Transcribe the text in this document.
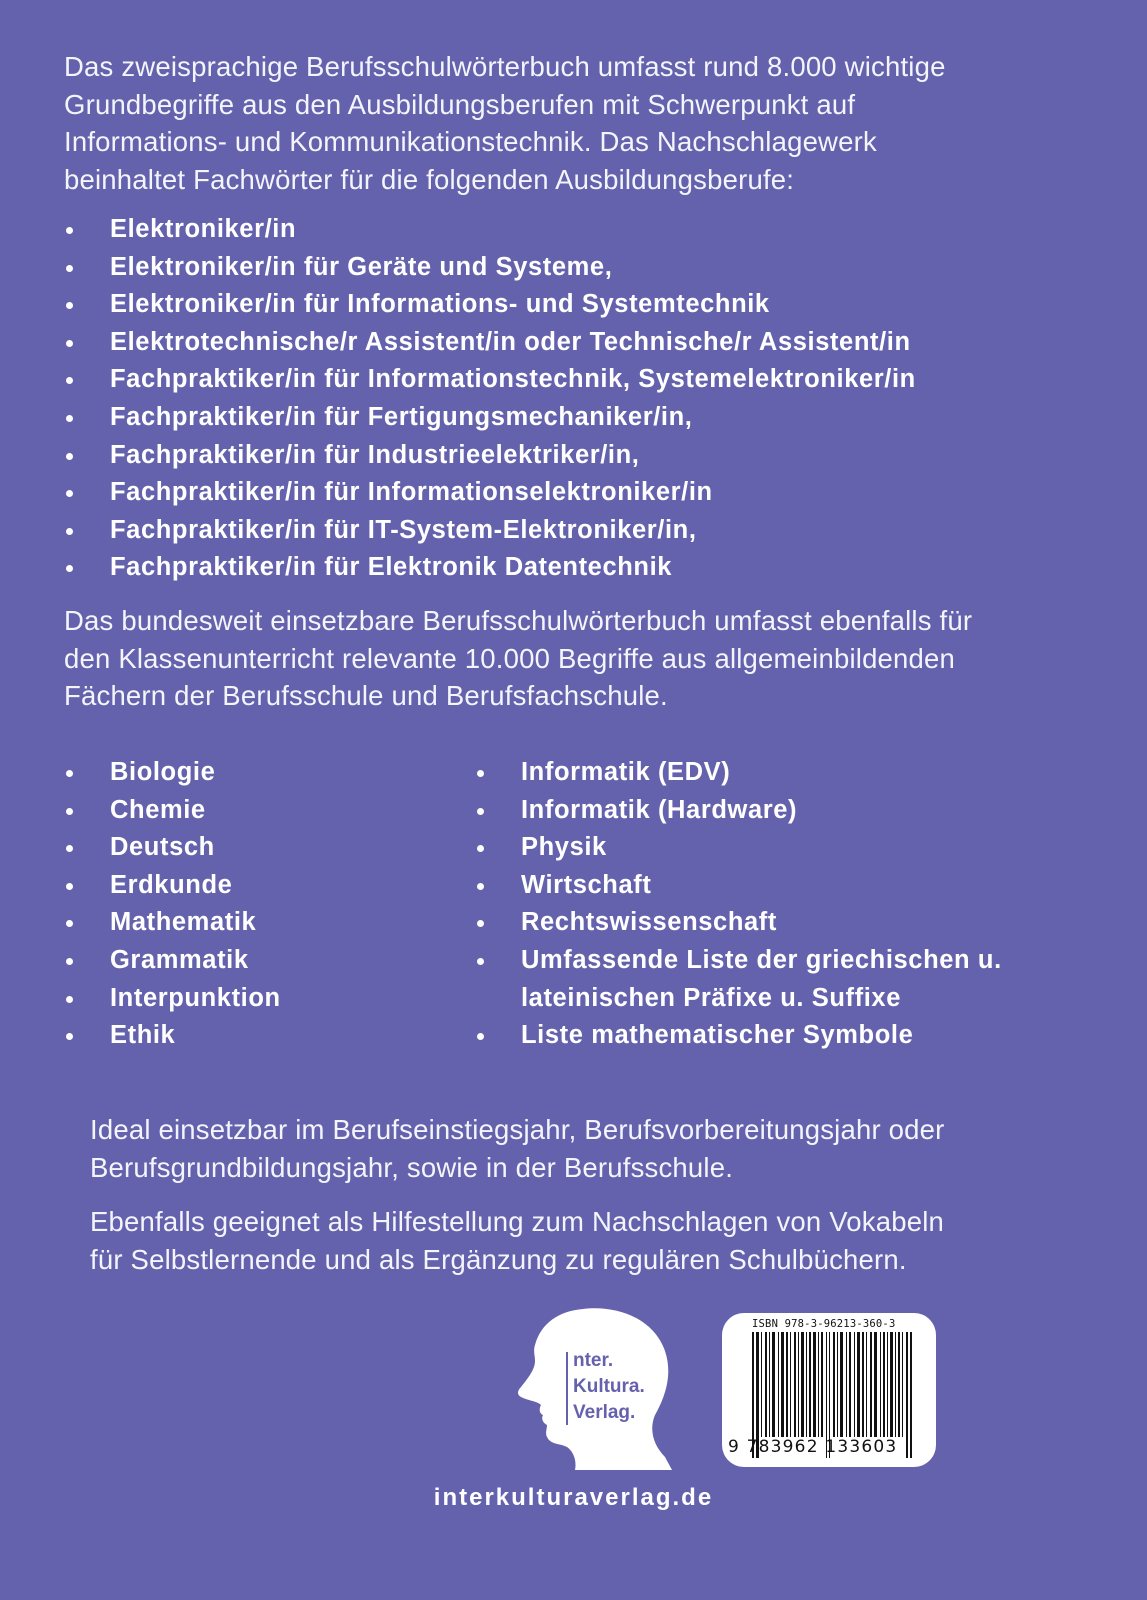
Das zweisprachige Berufsschulwörterbuch umfasst rund 8.000 wichtige
Grundbegriffe aus den Ausbildungsberufen mit Schwerpunkt auf
Informations- und Kommunikationstechnik. Das Nachschlagewerk
beinhaltet Fachwörter für die folgenden Ausbildungsberufe:
Elektroniker/in
Elektroniker/in für Geräte und Systeme,
Elektroniker/in für Informations- und Systemtechnik
Elektrotechnische/r Assistent/in oder Technische/r Assistent/in
Fachpraktiker/in für Informationstechnik, Systemelektroniker/in
Fachpraktiker/in für Fertigungsmechaniker/in,
Fachpraktiker/in für Industrieelektriker/in,
Fachpraktiker/in für Informationselektroniker/in
Fachpraktiker/in für IT-System-Elektroniker/in,
Fachpraktiker/in für Elektronik Datentechnik
Das bundesweit einsetzbare Berufsschulwörterbuch umfasst ebenfalls für
den Klassenunterricht relevante 10.000 Begriffe aus allgemeinbildenden
Fächern der Berufsschule und Berufsfachschule.
Biologie
Chemie
Deutsch
Erdkunde
Mathematik
Grammatik
Interpunktion
Ethik
Informatik (EDV)
Informatik (Hardware)
Physik
Wirtschaft
Rechtswissenschaft
Umfassende Liste der griechischen u. lateinischen Präfixe u. Suffixe
Liste mathematischer Symbole
Ideal einsetzbar im Berufseinstiegsjahr, Berufsvorbereitungsjahr oder
Berufsgrundbildungsjahr, sowie in der Berufsschule.
Ebenfalls geeignet als Hilfestellung zum Nachschlagen von Vokabeln
für Selbstlernende und als Ergänzung zu regulären Schulbüchern.
nter.
Kultura.
Verlag.
ISBN 978-3-96213-360-3
9 783962 133603
interkulturaverlag.de
